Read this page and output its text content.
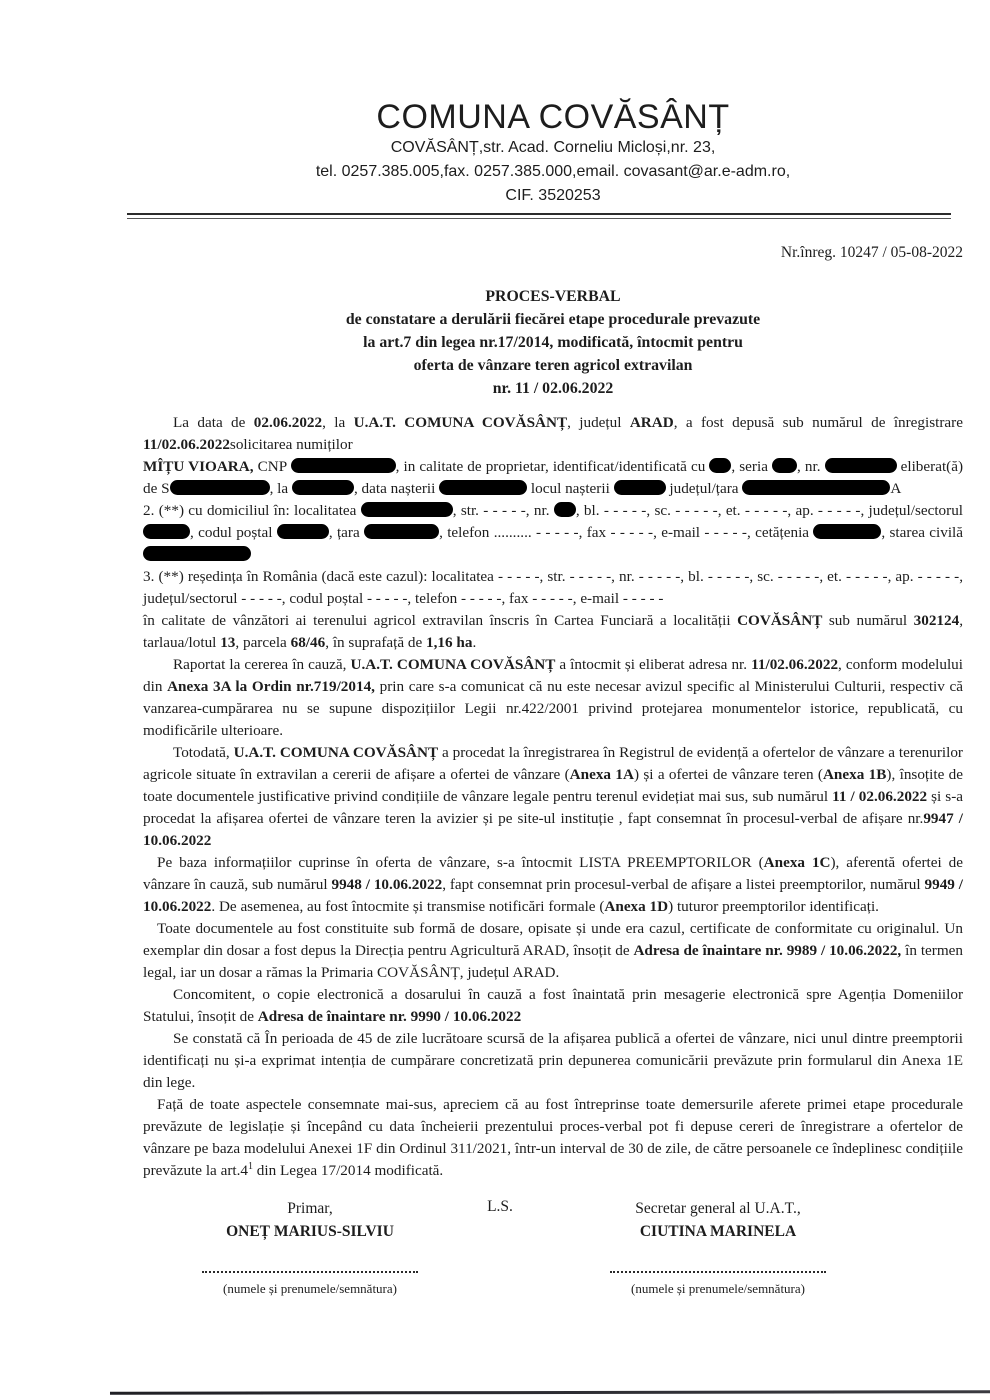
COMUNA COVĂSÂNȚ
COVĂSÂNȚ,str. Acad. Corneliu Micloși,nr. 23,
tel. 0257.385.005,fax. 0257.385.000,email. covasant@ar.e-adm.ro,
CIF. 3520253
Nr.înreg. 10247 / 05-08-2022
PROCES-VERBAL
de constatare a derulării fiecărei etape procedurale prevazute
la art.7 din legea nr.17/2014, modificată, întocmit pentru
oferta de vânzare teren agricol extravilan
nr. 11 / 02.06.2022

La data de 02.06.2022, la U.A.T. COMUNA COVĂSÂNȚ, județul ARAD, a fost depusă sub numărul de înregistrare 11/02.06.2022solicitarea numiților

MÎȚU VIOARA, CNP	, in calitate de proprietar, identificat/identificată cu , seria , nr.	eliberat(ă) de S	, la	, data nașterii	locul nașterii	județul/țara	A

2. (**) cu domiciliul în: localitatea	, str. - - - - -, nr. , bl. - - - - -, sc. - - - - -, et. - - - - -, ap. - - - - -, județul/sectorul , codul poștal	, țara	, telefon .......... - - - - -, fax - - - - -, e-mail - - - - -, cetățenia	, starea civilă

3. (**) reședința în România (dacă este cazul): localitatea - - - - -, str. - - - - -, nr. - - - - -, bl. - - - - -, sc. - - - - -, et. - - - - -, ap. - - - - -, județul/sectorul - - - - -, codul poștal - - - - -, telefon - - - - -, fax - - - - -, e-mail - - - - -

în calitate de vânzători ai terenului agricol extravilan înscris în Cartea Funciară a localității COVĂSÂNȚ sub numărul 302124, tarlaua/lotul 13, parcela 68/46, în suprafață de 1,16 ha.

Raportat la cererea în cauză, U.A.T. COMUNA COVĂSÂNȚ a întocmit și eliberat adresa nr. 11/02.06.2022, conform modelului din Anexa 3A la Ordin nr.719/2014, prin care s-a comunicat că nu este necesar avizul specific al Ministerului Culturii, respectiv că vanzarea-cumpărarea nu se supune dispozițiilor Legii nr.422/2001 privind protejarea monumentelor istorice, republicată, cu modificările ulterioare.

Totodată, U.A.T. COMUNA COVĂSÂNȚ a procedat la înregistrarea în Registrul de evidență a ofertelor de vânzare a terenurilor agricole situate în extravilan a cererii de afișare a ofertei de vânzare (Anexa 1A) și a ofertei de vânzare teren (Anexa 1B), însoțite de toate documentele justificative privind condițiile de vânzare legale pentru terenul evidețiat mai sus, sub numărul 11 / 02.06.2022 și s-a procedat la afișarea ofertei de vânzare teren la avizier și pe site-ul instituție , fapt consemnat în procesul-verbal de afișare nr.9947 / 10.06.2022

Pe baza informațiilor cuprinse în oferta de vânzare, s-a întocmit LISTA PREEMPTORILOR (Anexa 1C), aferentă ofertei de vânzare în cauză, sub numărul 9948 / 10.06.2022, fapt consemnat prin procesul-verbal de afișare a listei preemptorilor, numărul 9949 / 10.06.2022. De asemenea, au fost întocmite și transmise notificări formale (Anexa 1D) tuturor preemptorilor identificați.

Toate documentele au fost constituite sub formă de dosare, opisate și unde era cazul, certificate de conformitate cu originalul. Un exemplar din dosar a fost depus la Direcția pentru Agricultură ARAD, însoțit de Adresa de înaintare nr. 9989 / 10.06.2022, în termen legal, iar un dosar a rămas la Primaria COVĂSÂNȚ, județul ARAD.

Concomitent, o copie electronică a dosarului în cauză a fost înaintată prin mesagerie electronică spre Agenția Domeniilor Statului, însoțit de Adresa de înaintare nr. 9990 / 10.06.2022

Se constată că În perioada de 45 de zile lucrătoare scursă de la afișarea publică a ofertei de vânzare, nici unul dintre preemptorii identificați nu și-a exprimat intenția de cumpărare concretizată prin depunerea comunicării prevăzute prin formularul din Anexa 1E din lege.

Față de toate aspectele consemnate mai-sus, apreciem că au fost întreprinse toate demersurile aferete primei etape procedurale prevăzute de legislație și începând cu data încheierii prezentului proces-verbal pot fi depuse cereri de înregistrare a ofertelor de vânzare pe baza modelului Anexei 1F din Ordinul 311/2021, într-un interval de 30 de zile, de către persoanele ce îndeplinesc condițiile prevăzute la $art.4^1$ din Legea 17/2014 modificată.

Primar,
ONEȚ MARIUS-SILVIU
(numele și prenumele/semnătura)
L.S.	Secretar general al U.A.T.,
CIUTINA MARINELA
(numele și prenumele/semnătura)
